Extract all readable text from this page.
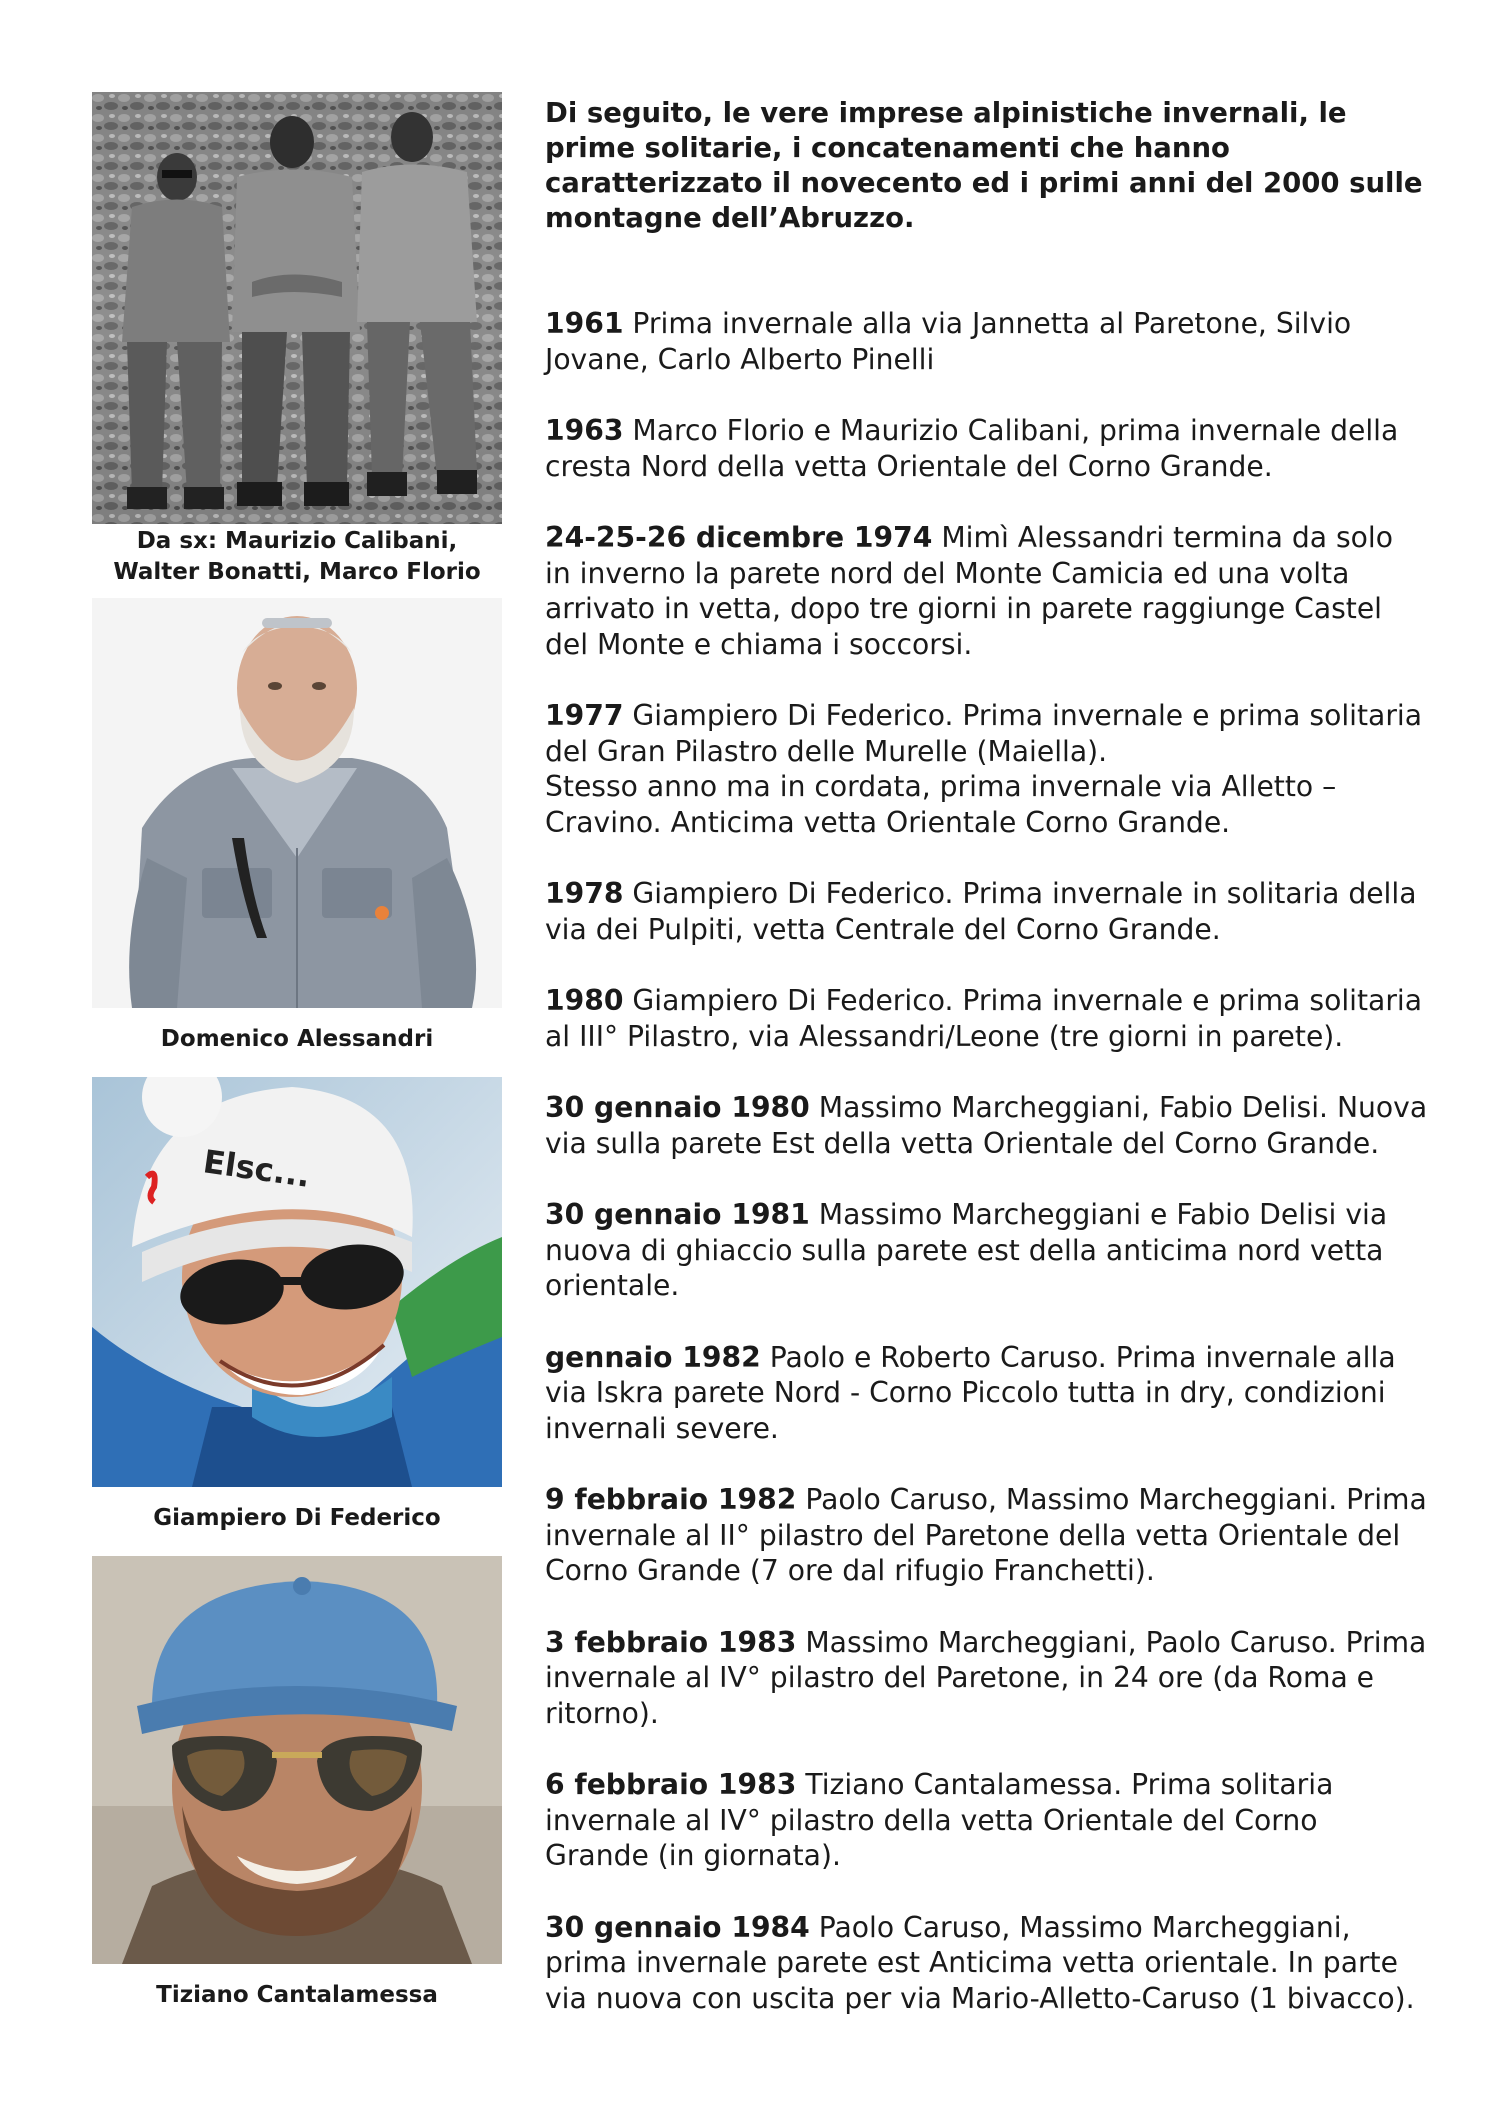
Da sx: Maurizio Calibani,
Walter Bonatti, Marco Florio
Domenico Alessandri
Elsc...
Giampiero Di Federico
Tiziano Cantalamessa

Di seguito, le vere imprese alpinistiche invernali, le prime solitarie, i concatenamenti che hanno caratterizzato il novecento ed i primi anni del 2000 sulle montagne dell’Abruzzo.

1961 Prima invernale alla via Jannetta al Paretone, Silvio
Jovane, Carlo Alberto Pinelli
1963 Marco Florio e Maurizio Calibani, prima invernale della
cresta Nord della vetta Orientale del Corno Grande.
24-25-26 dicembre 1974 Mimì Alessandri termina da solo
in inverno la parete nord del Monte Camicia ed una volta
arrivato in vetta, dopo tre giorni in parete raggiunge Castel
del Monte e chiama i soccorsi.
1977 Giampiero Di Federico. Prima invernale e prima solitaria
del Gran Pilastro delle Murelle (Maiella).
Stesso anno ma in cordata, prima invernale via Alletto –
Cravino. Anticima vetta Orientale Corno Grande.
1978 Giampiero Di Federico. Prima invernale in solitaria della
via dei Pulpiti, vetta Centrale del Corno Grande.
1980 Giampiero Di Federico. Prima invernale e prima solitaria
al III° Pilastro, via Alessandri/Leone (tre giorni in parete).
30 gennaio 1980 Massimo Marcheggiani, Fabio Delisi. Nuova
via sulla parete Est della vetta Orientale del Corno Grande.
30 gennaio 1981 Massimo Marcheggiani e Fabio Delisi via
nuova di ghiaccio sulla parete est della anticima nord vetta
orientale.
gennaio 1982 Paolo e Roberto Caruso. Prima invernale alla
via Iskra parete Nord - Corno Piccolo tutta in dry, condizioni
invernali severe.
9 febbraio 1982 Paolo Caruso, Massimo Marcheggiani. Prima
invernale al II° pilastro del Paretone della vetta Orientale del
Corno Grande (7 ore dal rifugio Franchetti).
3 febbraio 1983 Massimo Marcheggiani, Paolo Caruso. Prima
invernale al IV° pilastro del Paretone, in 24 ore (da Roma e
ritorno).
6 febbraio 1983 Tiziano Cantalamessa. Prima solitaria
invernale al IV° pilastro della vetta Orientale del Corno
Grande (in giornata).
30 gennaio 1984 Paolo Caruso, Massimo Marcheggiani,
prima invernale parete est Anticima vetta orientale. In parte
via nuova con uscita per via Mario-Alletto-Caruso (1 bivacco).
